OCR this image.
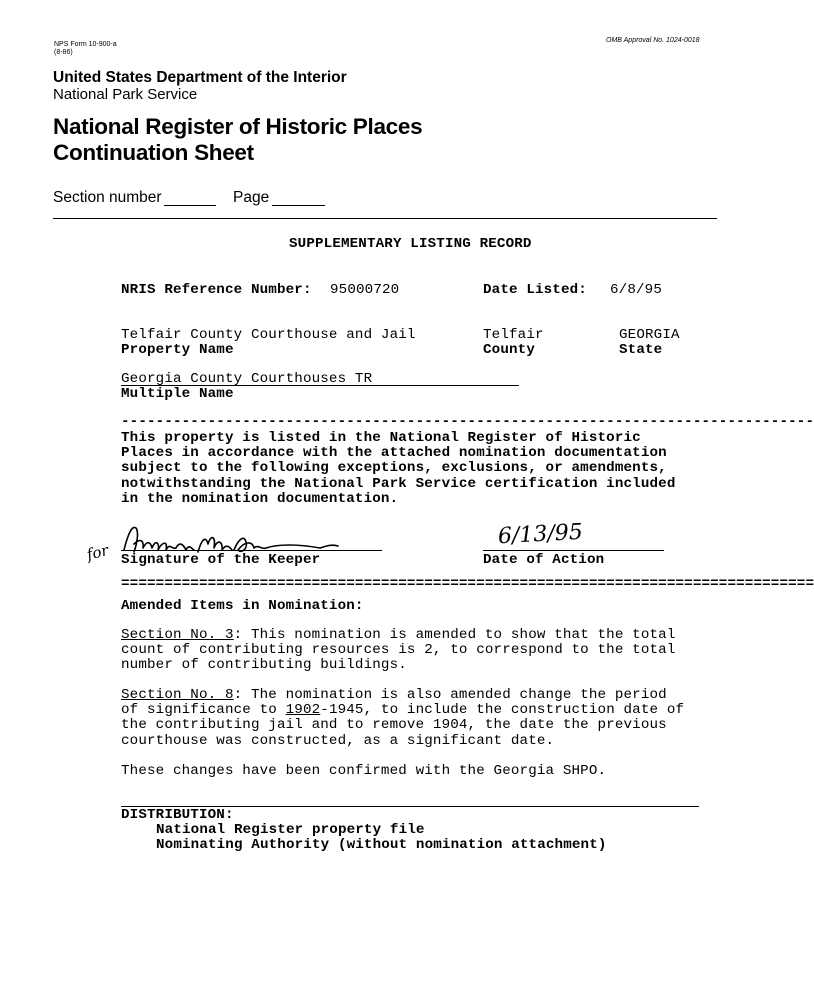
NPS Form 10-900-a
(8-86)
OMB Approval No. 1024-0018
United States Department of the Interior
National Park Service
National Register of Historic Places
Continuation Sheet
Section number	Page
SUPPLEMENTARY LISTING RECORD
NRIS Reference Number: 95000720	Date Listed: 6/8/95
Telfair County Courthouse and Jail
Property Name
Telfair
County
GEORGIA
State
Georgia County Courthouses TR
Multiple Name
--------------------------------------------------------------------------------
This property is listed in the National Register of Historic
Places in accordance with the attached nomination documentation
subject to the following exceptions, exclusions, or amendments,
notwithstanding the National Park Service certification included
in the nomination documentation.
for Signature of the Keeper
6/13/95
Date of Action
================================================================================
Amended Items in Nomination:
Section No. 3: This nomination is amended to show that the total
count of contributing resources is 2, to correspond to the total
number of contributing buildings.
Section No. 8: The nomination is also amended change the period
of significance to 1902-1945, to include the construction date of
the contributing jail and to remove 1904, the date the previous
courthouse was constructed, as a significant date.
These changes have been confirmed with the Georgia SHPO.
DISTRIBUTION:
National Register property file
Nominating Authority (without nomination attachment)
